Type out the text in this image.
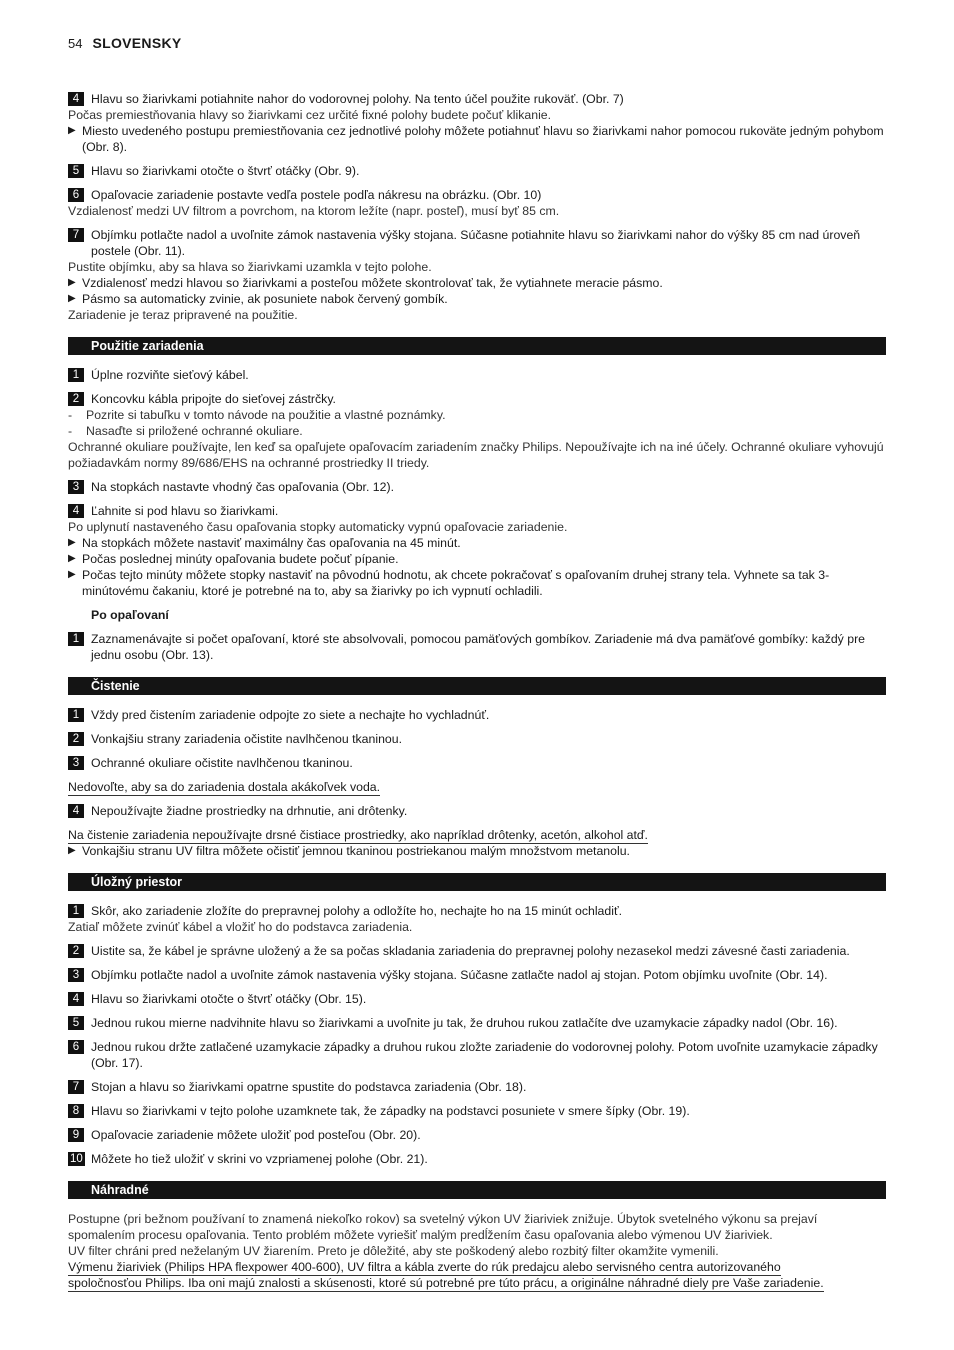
54 SLOVENSKY
4 Hlavu so žiarivkami potiahnite nahor do vodorovnej polohy. Na tento účel použite rukoväť. (Obr. 7)
Počas premiestňovania hlavy so žiarivkami cez určité fixné polohy budete počuť klikanie.
▶ Miesto uvedeného postupu premiestňovania cez jednotlivé polohy môžete potiahnuť hlavu so žiarivkami nahor pomocou rukoväte jedným pohybom (Obr. 8).
5 Hlavu so žiarivkami otočte o štvrť otáčky (Obr. 9).
6 Opaľovacie zariadenie postavte vedľa postele podľa nákresu na obrázku. (Obr. 10)
Vzdialenosť medzi UV filtrom a povrchom, na ktorom ležíte (napr. posteľ), musí byť 85 cm.
7 Objímku potlačte nadol a uvoľnite zámok nastavenia výšky stojana. Súčasne potiahnite hlavu so žiarivkami nahor do výšky 85 cm nad úroveň postele (Obr. 11).
Pustite objímku, aby sa hlava so žiarivkami uzamkla v tejto polohe.
▶ Vzdialenosť medzi hlavou so žiarivkami a posteľou môžete skontrolovať tak, že vytiahnete meracie pásmo.
▶ Pásmo sa automaticky zvinie, ak posuniete nabok červený gombík.
Zariadenie je teraz pripravené na použitie.
Použitie zariadenia
1 Úplne rozviňte sieťový kábel.
2 Koncovku kábla pripojte do sieťovej zástrčky.
- Pozrite si tabuľku v tomto návode na použitie a vlastné poznámky.
- Nasaďte si priložené ochranné okuliare.
Ochranné okuliare používajte, len keď sa opaľujete opaľovacím zariadením značky Philips. Nepoužívajte ich na iné účely. Ochranné okuliare vyhovujú požiadavkám normy 89/686/EHS na ochranné prostriedky II triedy.
3 Na stopkách nastavte vhodný čas opaľovania (Obr. 12).
4 Ľahnite si pod hlavu so žiarivkami.
Po uplynutí nastaveného času opaľovania stopky automaticky vypnú opaľovacie zariadenie.
▶ Na stopkách môžete nastaviť maximálny čas opaľovania na 45 minút.
▶ Počas poslednej minúty opaľovania budete počuť pípanie.
▶ Počas tejto minúty môžete stopky nastaviť na pôvodnú hodnotu, ak chcete pokračovať s opaľovaním druhej strany tela. Vyhnete sa tak 3-minútovému čakaniu, ktoré je potrebné na to, aby sa žiarivky po ich vypnutí ochladili.
Po opaľovaní
1 Zaznamenávajte si počet opaľovaní, ktoré ste absolvovali, pomocou pamäťových gombíkov. Zariadenie má dva pamäťové gombíky: každý pre jednu osobu (Obr. 13).
Čistenie
1 Vždy pred čistením zariadenie odpojte zo siete a nechajte ho vychladnúť.
2 Vonkajšiu strany zariadenia očistite navlhčenou tkaninou.
3 Ochranné okuliare očistite navlhčenou tkaninou.
Nedovoľte, aby sa do zariadenia dostala akákoľvek voda.
4 Nepoužívajte žiadne prostriedky na drhnutie, ani drôtenky.
Na čistenie zariadenia nepoužívajte drsné čistiace prostriedky, ako napríklad drôtenky, acetón, alkohol atď.
▶ Vonkajšiu stranu UV filtra môžete očistiť jemnou tkaninou postriekanou malým množstvom metanolu.
Úložný priestor
1 Skôr, ako zariadenie zložíte do prepravnej polohy a odložíte ho, nechajte ho na 15 minút ochladiť.
Zatiaľ môžete zvinúť kábel a vložiť ho do podstavca zariadenia.
2 Uistite sa, že kábel je správne uložený a že sa počas skladania zariadenia do prepravnej polohy nezasekol medzi závesné časti zariadenia.
3 Objímku potlačte nadol a uvoľnite zámok nastavenia výšky stojana. Súčasne zatlačte nadol aj stojan. Potom objímku uvoľnite (Obr. 14).
4 Hlavu so žiarivkami otočte o štvrť otáčky (Obr. 15).
5 Jednou rukou mierne nadvihnite hlavu so žiarivkami a uvoľnite ju tak, že druhou rukou zatlačíte dve uzamykacie západky nadol (Obr. 16).
6 Jednou rukou držte zatlačené uzamykacie západky a druhou rukou zložte zariadenie do vodorovnej polohy. Potom uvoľnite uzamykacie západky (Obr. 17).
7 Stojan a hlavu so žiarivkami opatrne spustite do podstavca zariadenia (Obr. 18).
8 Hlavu so žiarivkami v tejto polohe uzamknete tak, že západky na podstavci posuniete v smere šípky (Obr. 19).
9 Opaľovacie zariadenie môžete uložiť pod posteľou (Obr. 20).
10 Môžete ho tiež uložiť v skrini vo vzpriamenej polohe (Obr. 21).
Náhradné
Postupne (pri bežnom používaní to znamená niekoľko rokov) sa svetelný výkon UV žiariviek znižuje. Úbytok svetelného výkonu sa prejaví spomalením procesu opaľovania. Tento problém môžete vyriešiť malým predĺžením času opaľovania alebo výmenou UV žiariviek.
UV filter chráni pred neželaným UV žiarením. Preto je dôležité, aby ste poškodený alebo rozbitý filter okamžite vymenili.
Výmenu žiariviek (Philips HPA flexpower 400-600), UV filtra a kábla zverte do rúk predajcu alebo servisného centra autorizovaného
spoločnosťou Philips. Iba oni majú znalosti a skúsenosti, ktoré sú potrebné pre túto prácu, a originálne náhradné diely pre Vaše zariadenie.
